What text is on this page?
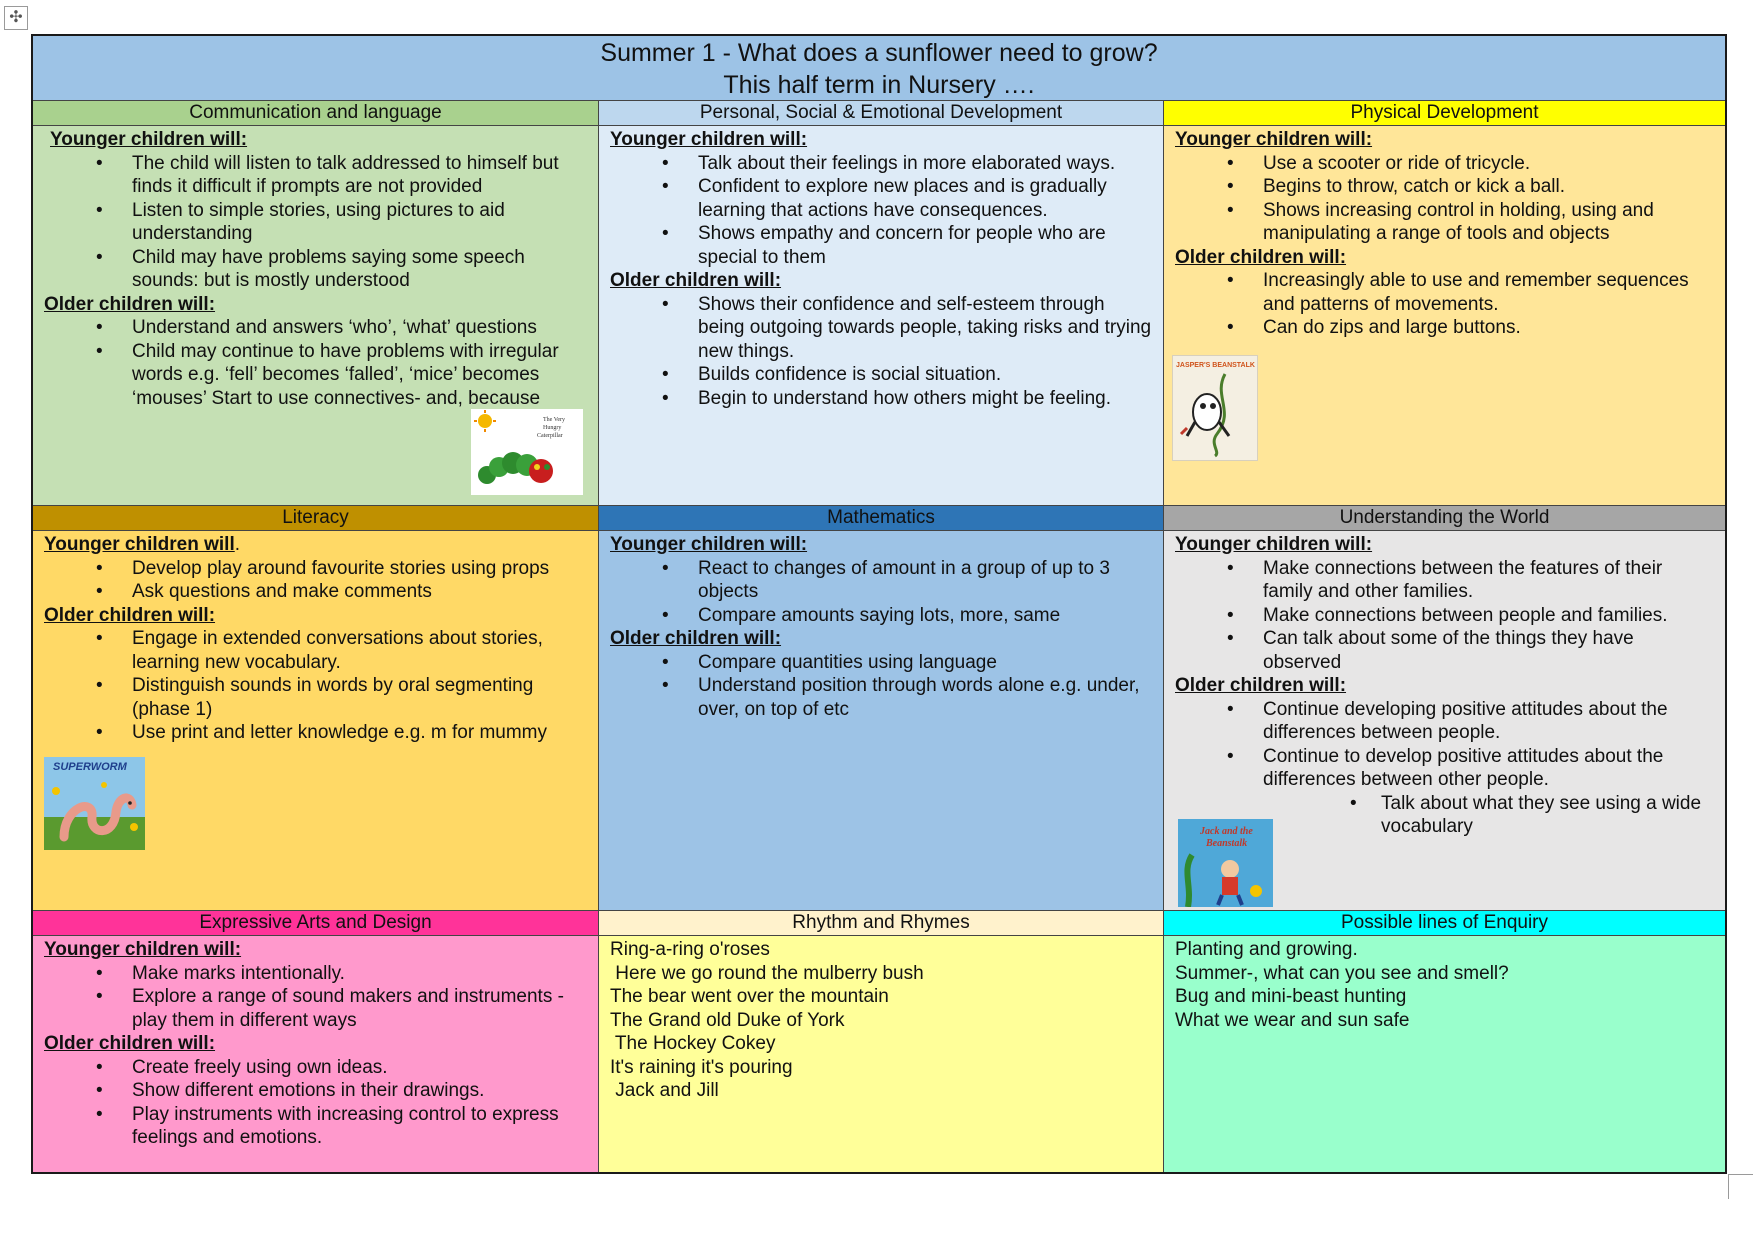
✣
Summer 1 - What does a sunflower need to grow?
This half term in Nursery ….
Communication and language

Younger children will:

• The child will listen to talk addressed to himself but finds it difficult if prompts are not provided
• Listen to simple stories, using pictures to aid understanding
• Child may have problems saying some speech sounds: but is mostly understood

Older children will:

• Understand and answers ‘who’, ‘what’ questions
• Child may continue to have problems with irregular words e.g. ‘fell’ becomes ‘falled’, ‘mice’ becomes ‘mouses’ Start to use connectives- and, because
The Very
Hungry
Caterpillar
Personal, Social & Emotional Development

Younger children will:

• Talk about their feelings in more elaborated ways.
• Confident to explore new places and is gradually learning that actions have consequences.
• Shows empathy and concern for people who are special to them

Older children will:

• Shows their confidence and self-esteem through being outgoing towards people, taking risks and trying new things.
• Builds confidence is social situation.
• Begin to understand how others might be feeling.
Physical Development

Younger children will:

• Use a scooter or ride of tricycle.
• Begins to throw, catch or kick a ball.
• Shows increasing control in holding, using and manipulating a range of tools and objects

Older children will:

• Increasingly able to use and remember sequences and patterns of movements.
• Can do zips and large buttons.
JASPER'S BEANSTALK
Literacy

Younger children will.

• Develop play around favourite stories using props
• Ask questions and make comments

Older children will:

• Engage in extended conversations about stories, learning new vocabulary.
• Distinguish sounds in words by oral segmenting (phase 1)
• Use print and letter knowledge e.g. m for mummy
SUPERWORM
Mathematics

Younger children will:

• React to changes of amount in a group of up to 3 objects
• Compare amounts saying lots, more, same

Older children will:

• Compare quantities using language
• Understand position through words alone e.g. under, over, on top of etc
Understanding the World

Younger children will:

• Make connections between the features of their family and other families.
• Make connections between people and families.
• Can talk about some of the things they have observed

Older children will:

• Continue developing positive attitudes about the differences between people.
• Continue to develop positive attitudes about the differences between other people.
• Talk about what they see using a wide vocabulary
Jack and the
Beanstalk
Expressive Arts and Design

Younger children will:

• Make marks intentionally.
• Explore a range of sound makers and instruments - play them in different ways

Older children will:

• Create freely using own ideas.
• Show different emotions in their drawings.
• Play instruments with increasing control to express feelings and emotions.
Rhythm and Rhymes

Ring-a-ring o'roses

Here we go round the mulberry bush

The bear went over the mountain

The Grand old Duke of York

The Hockey Cokey

It's raining it's pouring

Jack and Jill

Possible lines of Enquiry

Planting and growing.

Summer-, what can you see and smell?

Bug and mini-beast hunting

What we wear and sun safe
